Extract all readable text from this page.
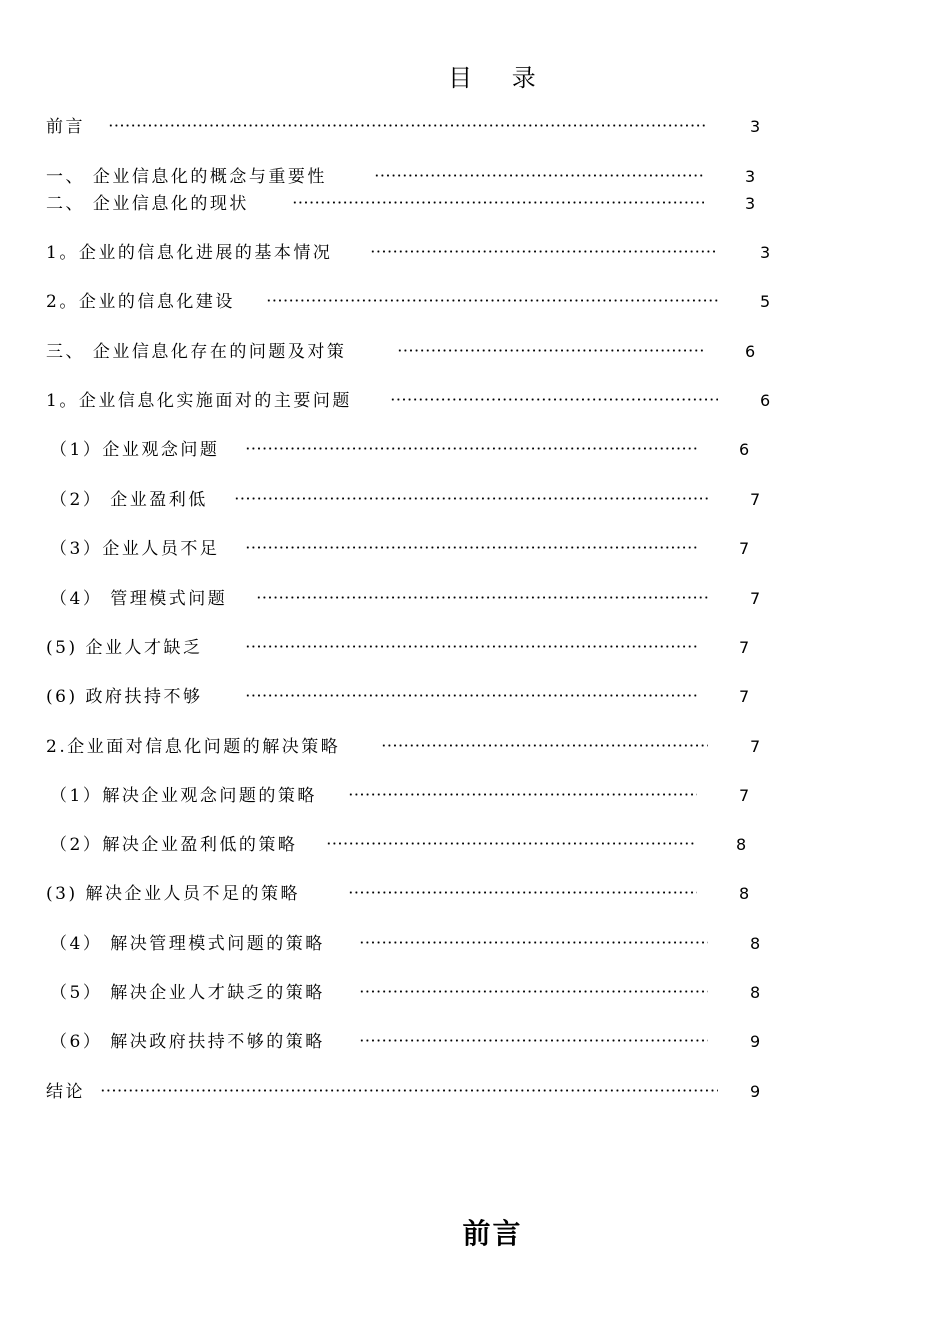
目 录
前言	3
一、 企业信息化的概念与重要性	3
二、 企业信息化的现状	3
1。企业的信息化进展的基本情况	3
2。企业的信息化建设	5
三、 企业信息化存在的问题及对策	6
1。企业信息化实施面对的主要问题	6
（1）企业观念问题	6
（2） 企业盈利低	7
（3）企业人员不足	7
（4） 管理模式问题	7
(5) 企业人才缺乏	7
(6) 政府扶持不够	7
2.企业面对信息化问题的解决策略	7
（1）解决企业观念问题的策略	7
（2）解决企业盈利低的策略	8
(3) 解决企业人员不足的策略	8
（4） 解决管理模式问题的策略	8
（5） 解决企业人才缺乏的策略	8
（6） 解决政府扶持不够的策略	9
结论	9
前言
